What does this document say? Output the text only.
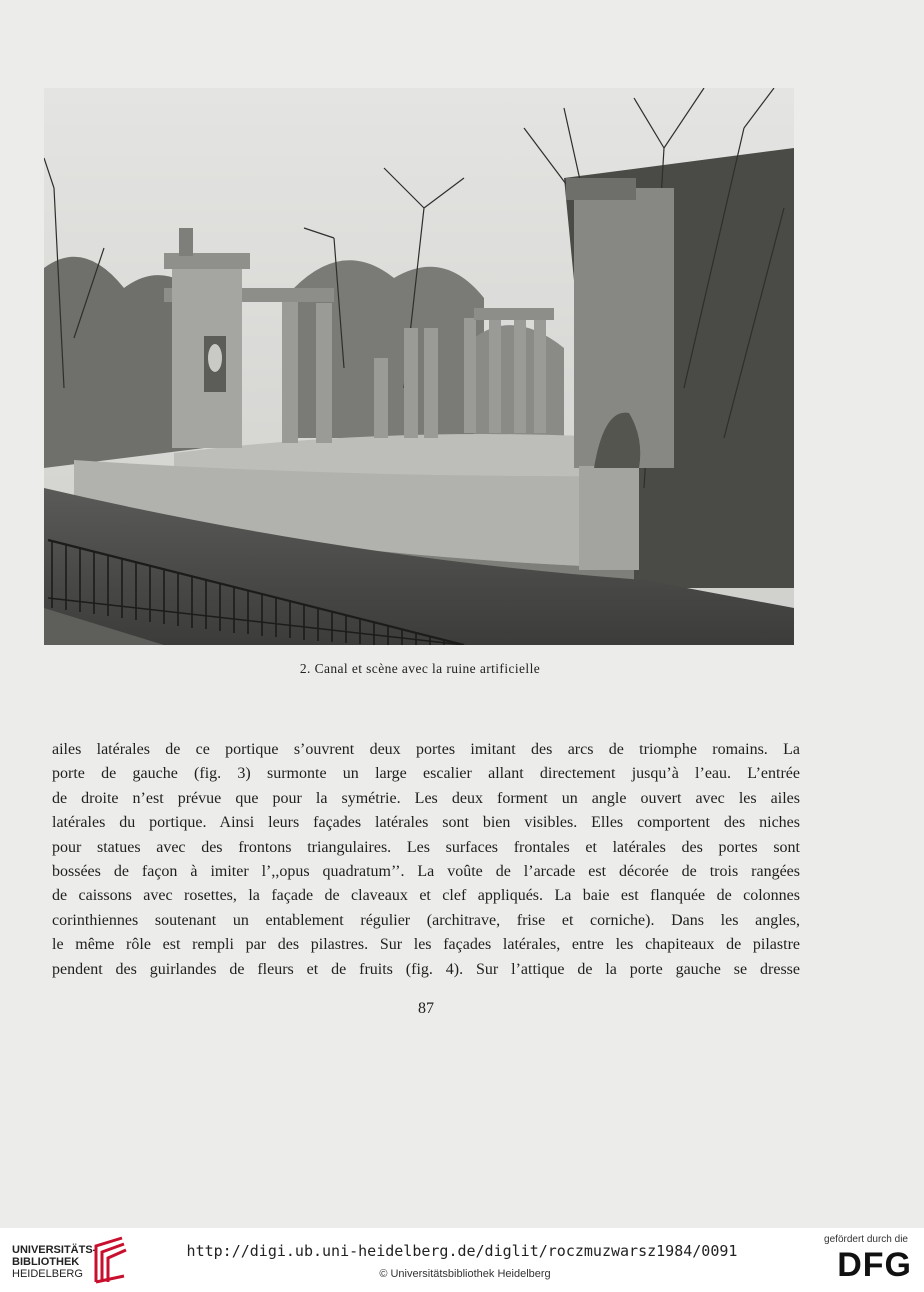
2. Canal et scène avec la ruine artificielle
ailes latérales de ce portique s’ouvrent deux portes imitant des arcs de triomphe romains. La
porte de gauche (fig. 3) surmonte un large escalier allant directement jusqu’à l’eau. L’entrée
de droite n’est prévue que pour la symétrie. Les deux forment un angle ouvert avec les ailes
latérales du portique. Ainsi leurs façades latérales sont bien visibles. Elles comportent des niches
pour statues avec des frontons triangulaires. Les surfaces frontales et latérales des portes sont
bossées de façon à imiter l’,,opus quadratum’’. La voûte de l’arcade est décorée de trois rangées
de caissons avec rosettes, la façade de claveaux et clef appliqués. La baie est flanquée de colonnes
corinthiennes soutenant un entablement régulier (architrave, frise et corniche). Dans les angles,
le même rôle est rempli par des pilastres. Sur les façades latérales, entre les chapiteaux de pilastre
pendent des guirlandes de fleurs et de fruits (fig. 4). Sur l’attique de la porte gauche se dresse
87
UNIVERSITÄTS-
BIBLIOTHEK
HEIDELBERG
http://digi.ub.uni-heidelberg.de/diglit/roczmuzwarsz1984/0091
© Universitätsbibliothek Heidelberg
gefördert durch die
DFG
